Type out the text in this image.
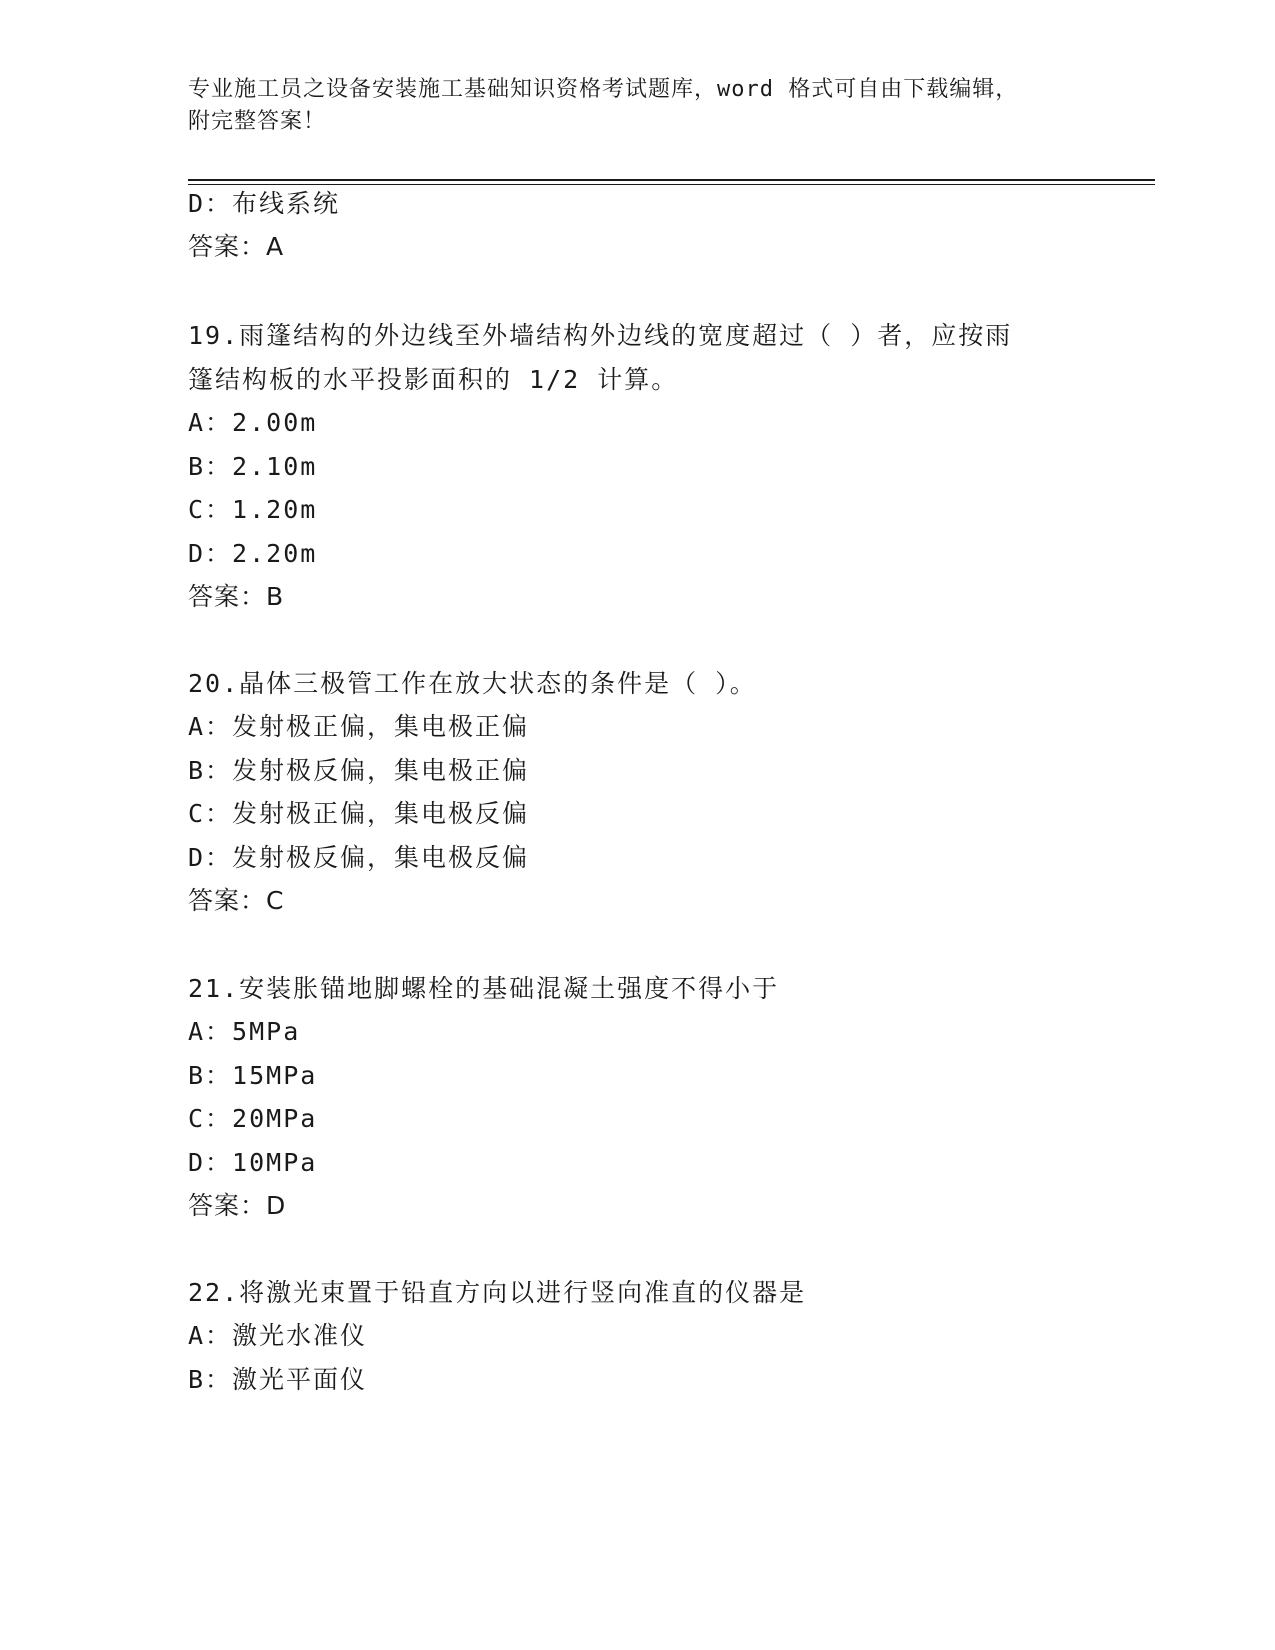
专业施工员之设备安装施工基础知识资格考试题库，word 格式可自由下载编辑，
附完整答案！
D：布线系统
答案：A
19.雨篷结构的外边线至外墙结构外边线的宽度超过（ ）者，应按雨
篷结构板的水平投影面积的 1/2 计算。
A：2.00m
B：2.10m
C：1.20m
D：2.20m
答案：B
20.晶体三极管工作在放大状态的条件是（ ）。
A：发射极正偏，集电极正偏
B：发射极反偏，集电极正偏
C：发射极正偏，集电极反偏
D：发射极反偏，集电极反偏
答案：C
21.安装胀锚地脚螺栓的基础混凝土强度不得小于
A：5MPa
B：15MPa
C：20MPa
D：10MPa
答案：D
22.将激光束置于铅直方向以进行竖向准直的仪器是
A：激光水准仪
B：激光平面仪
